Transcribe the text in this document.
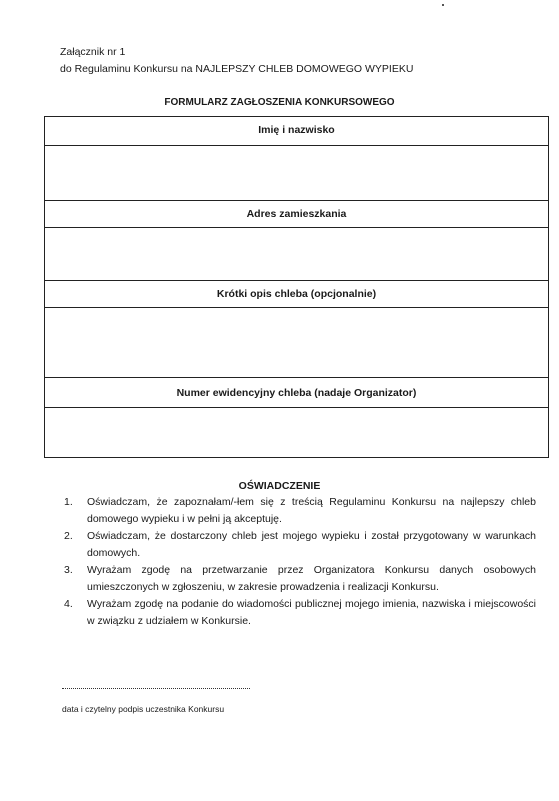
Załącznik nr 1
do Regulaminu Konkursu na NAJLEPSZY CHLEB DOMOWEGO WYPIEKU
FORMULARZ ZAGŁOSZENIA KONKURSOWEGO
Imię i nazwisko
Adres zamieszkania
Krótki opis chleba (opcjonalnie)
Numer ewidencyjny chleba (nadaje Organizator)
OŚWIADCZENIE
1. Oświadczam, że zapoznałam/-łem się z treścią Regulaminu Konkursu na najlepszy chleb domowego wypieku i w pełni ją akceptuję.
2. Oświadczam, że dostarczony chleb jest mojego wypieku i został przygotowany w warunkach domowych.
3. Wyrażam zgodę na przetwarzanie przez Organizatora Konkursu danych osobowych umieszczonych w zgłoszeniu, w zakresie prowadzenia i realizacji Konkursu.
4. Wyrażam zgodę na podanie do wiadomości publicznej mojego imienia, nazwiska i miejscowości w związku z udziałem w Konkursie.
data i czytelny podpis uczestnika Konkursu
